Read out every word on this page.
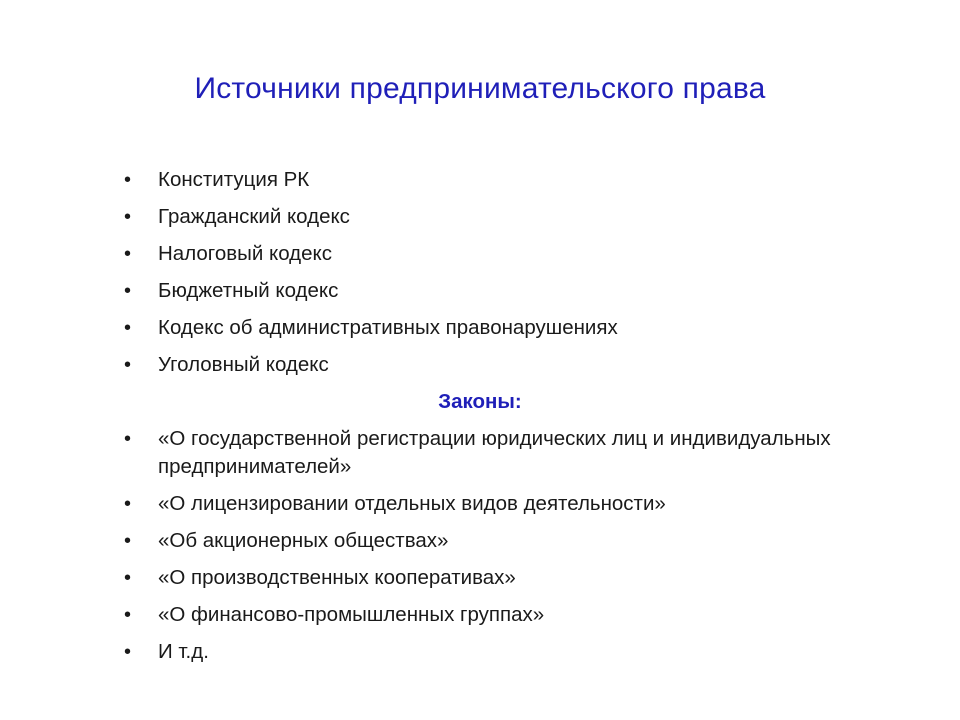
Источники предпринимательского права
• Конституция РК
• Гражданский кодекс
• Налоговый кодекс
• Бюджетный кодекс
• Кодекс об административных правонарушениях
• Уголовный кодекс
Законы:
• «О государственной регистрации юридических лиц и индивидуальных предпринимателей»
• «О лицензировании отдельных видов деятельности»
• «Об акционерных обществах»
• «О производственных кооперативах»
• «О финансово-промышленных группах»
• И т.д.
